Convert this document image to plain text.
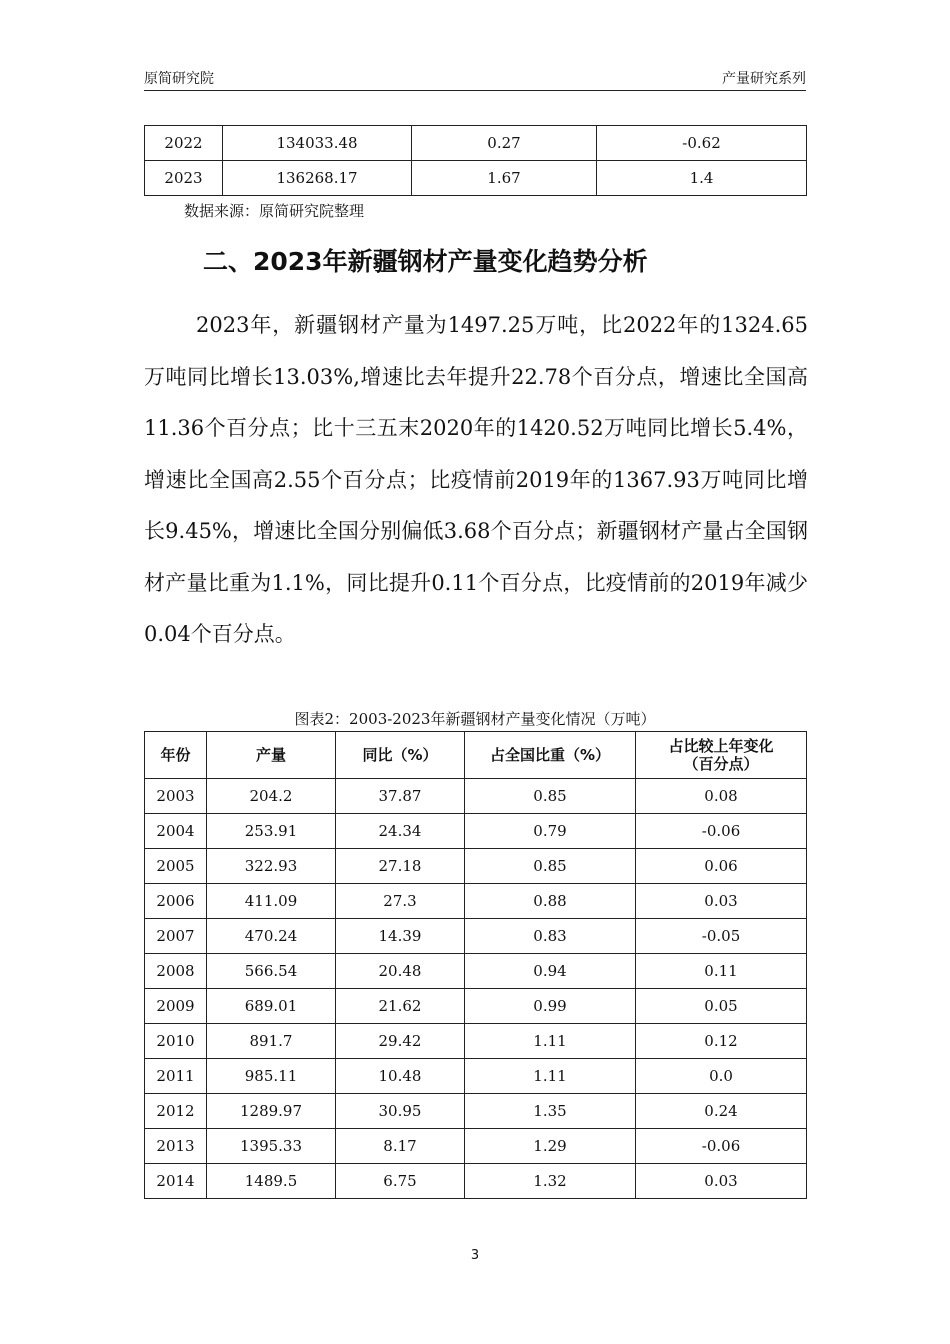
原简研究院	产量研究系列
2022	134033.48	0.27	-0.62
2023	136268.17	1.67	1.4
数据来源：原简研究院整理
二、2023年新疆钢材产量变化趋势分析

2023年，新疆钢材产量为1497.25万吨，比2022年的1324.65万吨同比增长13.03%,增速比去年提升22.78个百分点，增速比全国高11.36个百分点；比十三五末2020年的1420.52万吨同比增长5.4%，增速比全国高2.55个百分点；比疫情前2019年的1367.93万吨同比增长9.45%，增速比全国分别偏低3.68个百分点；新疆钢材产量占全国钢材产量比重为1.1%，同比提升0.11个百分点，比疫情前的2019年减少0.04个百分点。

图表2：2003-2023年新疆钢材产量变化情况（万吨）
年份	产量	同比（%）	占全国比重（%）	占比较上年变化
（百分点）

2003	204.2	37.87	0.85	0.08
2004	253.91	24.34	0.79	-0.06
2005	322.93	27.18	0.85	0.06
2006	411.09	27.3	0.88	0.03
2007	470.24	14.39	0.83	-0.05
2008	566.54	20.48	0.94	0.11
2009	689.01	21.62	0.99	0.05
2010	891.7	29.42	1.11	0.12
2011	985.11	10.48	1.11	0.0
2012	1289.97	30.95	1.35	0.24
2013	1395.33	8.17	1.29	-0.06
2014	1489.5	6.75	1.32	0.03
3
